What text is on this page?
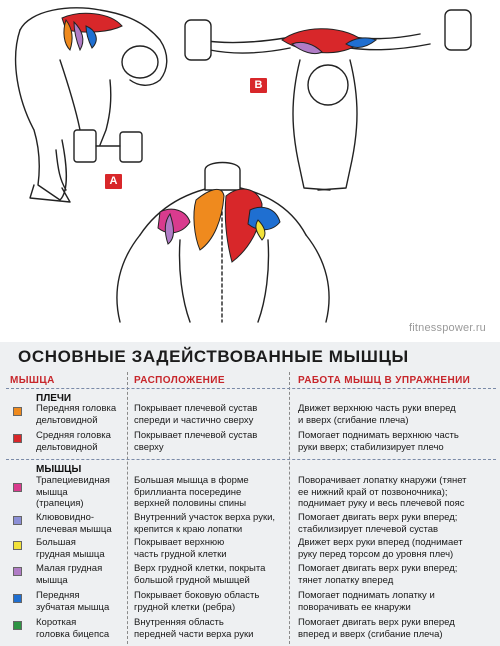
A
B
fitnesspower.ru
ОСНОВНЫЕ ЗАДЕЙСТВОВАННЫЕ МЫШЦЫ
МЫШЦА	РАСПОЛОЖЕНИЕ	РАБОТА МЫШЦ В УПРАЖНЕНИИ
ПЛЕЧИ
МЫШЦЫ
Передняя головка
дельтовидной
Покрывает плечевой сустав
спереди и частично сверху
Движет верхнюю часть руки вперед
и вверх (сгибание плеча)
Средняя головка
дельтовидной
Покрывает плечевой сустав
сверху
Помогает поднимать верхнюю часть
руки вверх; стабилизирует плечо
Трапециевидная
мышца
(трапеция)
Большая мышца в форме
бриллианта посередине
верхней половины спины
Поворачивает лопатку кнаружи (тянет
ее нижний край от позвоночника);
поднимает руку и весь плечевой пояс
Клювовидно-
плечевая мышца
Внутренний участок верха руки,
крепится к краю лопатки
Помогает двигать верх руки вперед;
стабилизирует плечевой сустав
Большая
грудная мышца
Покрывает верхнюю
часть грудной клетки
Движет верх руки вперед (поднимает
руку перед торсом до уровня плеч)
Малая грудная
мышца
Верх грудной клетки, покрыта
большой грудной мышцей
Помогает двигать верх руки вперед;
тянет лопатку вперед
Передняя
зубчатая мышца
Покрывает боковую область
грудной клетки (ребра)
Помогает поднимать лопатку и
поворачивать ее кнаружи
Короткая
головка бицепса
Внутренняя область
передней части верха руки
Помогает двигать верх руки вперед
вперед и вверх (сгибание плеча)
